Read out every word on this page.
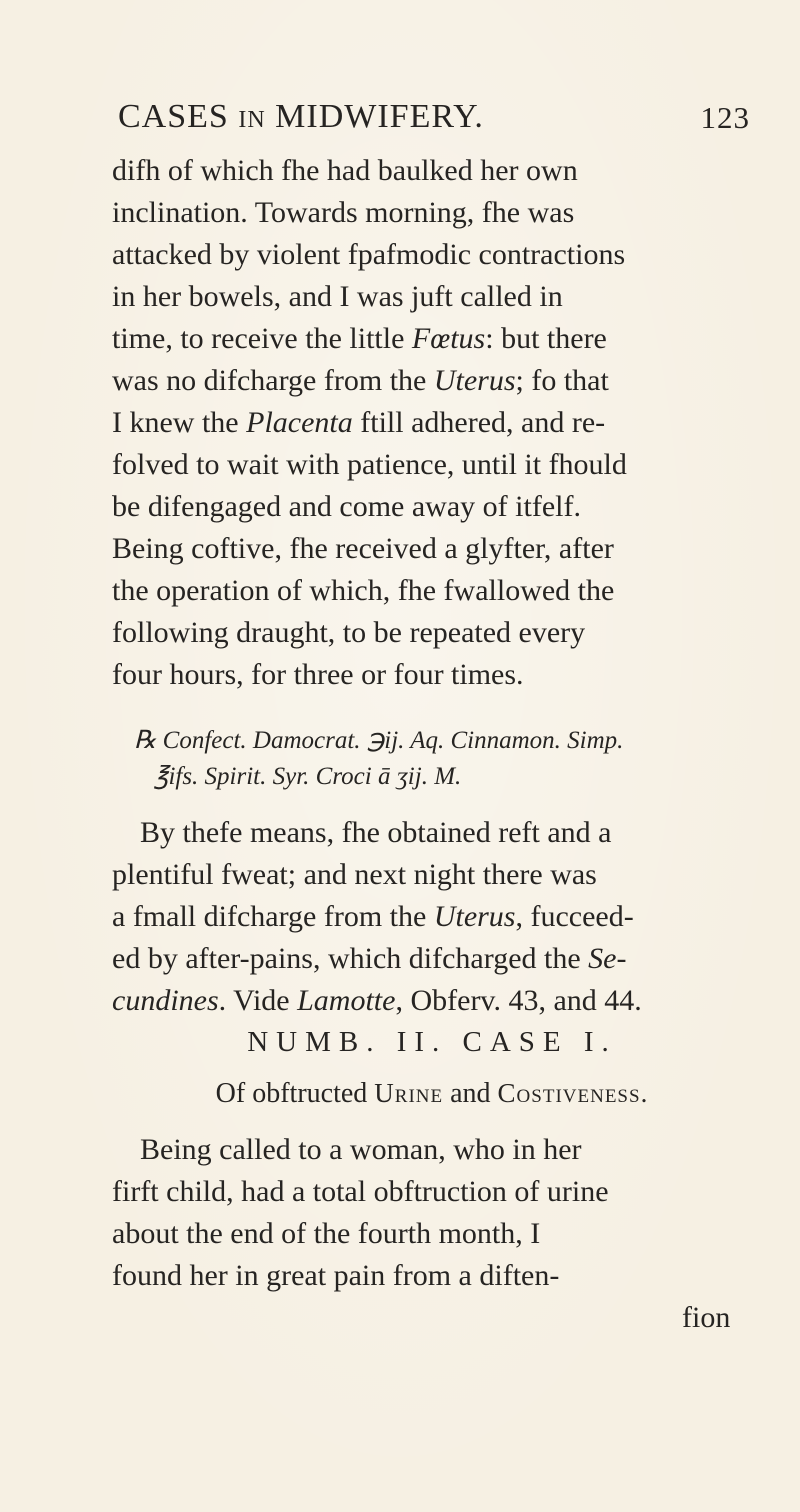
CASES IN MIDWIFERY.	123
difh of which fhe had baulked her own
inclination. Towards morning, fhe was
attacked by violent fpafmodic contractions
in her bowels, and I was juft called in
time, to receive the little Fœtus: but there
was no difcharge from the Uterus; fo that
I knew the Placenta ftill adhered, and re-
folved to wait with patience, until it fhould
be difengaged and come away of itfelf.
Being coftive, fhe received a glyfter, after
the operation of which, fhe fwallowed the
following draught, to be repeated every
four hours, for three or four times.
℞ Confect. Damocrat. ℈ij. Aq. Cinnamon. Simp.
℥ifs. Spirit. Syr. Croci ā ʒij. M.
By thefe means, fhe obtained reft and a
plentiful fweat; and next night there was
a fmall difcharge from the Uterus, fucceed-
ed by after-pains, which difcharged the Se-
cundines. Vide Lamotte, Obferv. 43, and 44.
NUMB. II. CASE I.
Of obftructed Urine and Costiveness.
Being called to a woman, who in her
firft child, had a total obftruction of urine
about the end of the fourth month, I
found her in great pain from a diften-
fion
